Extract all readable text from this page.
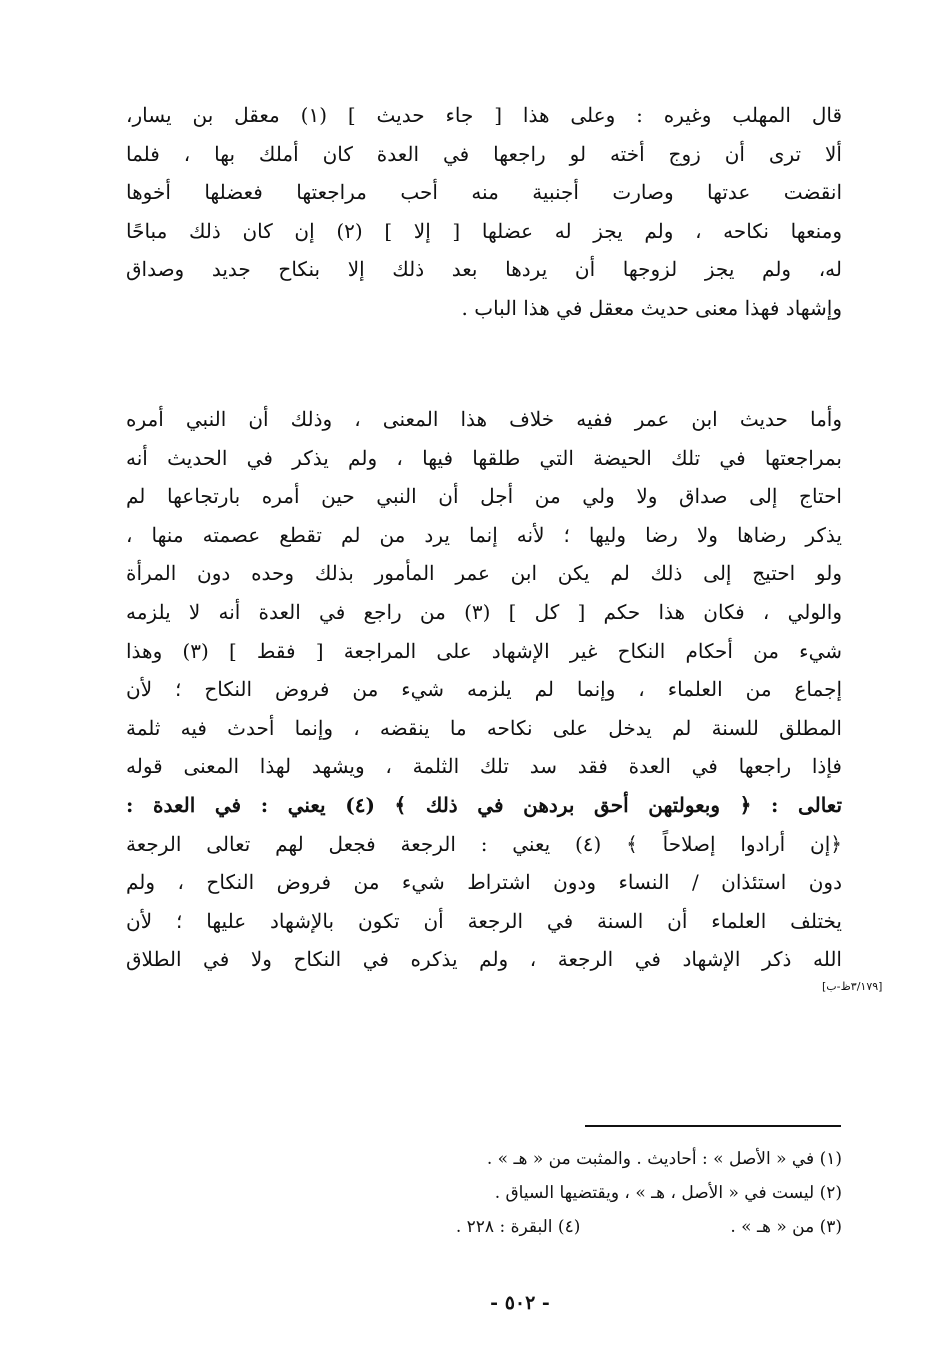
قال المهلب وغيره : وعلى هذا [ جاء حديث ] (١) معقل بن يسار،
ألا ترى أن زوج أخته لو راجعها في العدة كان أملك بها ، فلما
انقضت عدتها وصارت أجنبية منه أحب مراجعتها فعضلها أخوها
ومنعها نكاحه ، ولم يجز له عضلها [ إلا ] (٢) إن كان ذلك مباحًا
له، ولم يجز لزوجها أن يردها بعد ذلك إلا بنكاح جديد وصداق
وإشهاد فهذا معنى حديث معقل في هذا الباب .
وأما حديث ابن عمر ففيه خلاف هذا المعنى ، وذلك أن النبي أمره
بمراجعتها في تلك الحيضة التي طلقها فيها ، ولم يذكر في الحديث أنه
احتاج إلى صداق ولا ولي من أجل أن النبي حين أمره بارتجاعها لم
يذكر رضاها ولا رضا وليها ؛ لأنه إنما يرد من لم تقطع عصمته منها ،
ولو احتيج إلى ذلك لم يكن ابن عمر المأمور بذلك وحده دون المرأة
والولي ، فكان هذا حكم [ كل ] (٣) من راجع في العدة أنه لا يلزمه
شيء من أحكام النكاح غير الإشهاد على المراجعة [ فقط ] (٣) وهذا
إجماع من العلماء ، وإنما لم يلزمه شيء من فروض النكاح ؛ لأن
المطلق للسنة لم يدخل على نكاحه ما ينقضه ، وإنما أحدث فيه ثلمة
فإذا راجعها في العدة فقد سد تلك الثلمة ، ويشهد لهذا المعنى قوله
تعالى : ﴿ وبعولتهن أحق بردهن في ذلك ﴾ (٤) يعني : في العدة :
﴿إن أرادوا إصلاحاً ﴾ (٤) يعني : الرجعة فجعل لهم تعالى الرجعة
دون استئذان / النساء ودون اشتراط شيء من فروض النكاح ، ولم
يختلف العلماء أن السنة في الرجعة أن تكون بالإشهاد عليها ؛ لأن
الله ذكر الإشهاد في الرجعة ، ولم يذكره في النكاح ولا في الطلاق
[٣/١٧٩ظ-ب]
(١) في « الأصل » : أحاديث . والمثبت من « هـ » .
(٢) ليست في « الأصل ، هـ » ، ويقتضيها السياق .
(٣) من « هـ » .(٤) البقرة : ٢٢٨ .
- ٥٠٢ -
